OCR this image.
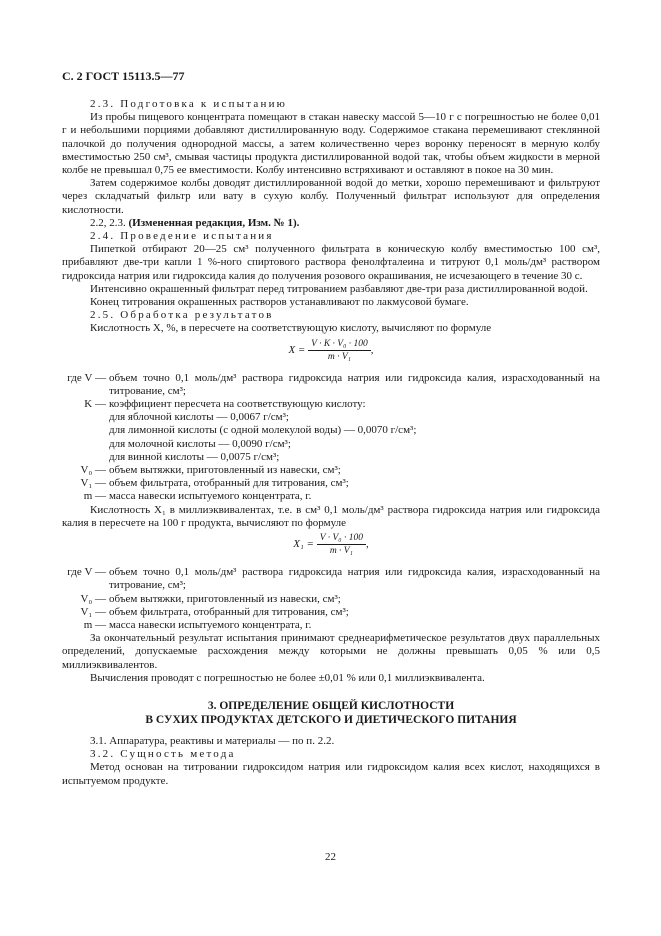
С. 2 ГОСТ 15113.5—77

2.3. Подготовка к испытанию

Из пробы пищевого концентрата помещают в стакан навеску массой 5—10 г с погрешностью не более 0,01 г и небольшими порциями добавляют дистиллированную воду. Содержимое стакана перемешивают стеклянной палочкой до получения однородной массы, а затем количественно через воронку переносят в мерную колбу вместимостью 250 см³, смывая частицы продукта дистиллированной водой так, чтобы объем жидкости в мерной колбе не превышал 0,75 ее вместимости. Колбу интенсивно встряхивают и оставляют в покое на 30 мин.

Затем содержимое колбы доводят дистиллированной водой до метки, хорошо перемешивают и фильтруют через складчатый фильтр или вату в сухую колбу. Полученный фильтрат используют для определения кислотности.

2.2, 2.3. (Измененная редакция, Изм. № 1).

2.4. Проведение испытания

Пипеткой отбирают 20—25 см³ полученного фильтрата в коническую колбу вместимостью 100 см³, прибавляют две-три капли 1 %-ного спиртового раствора фенолфталеина и титруют 0,1 моль/дм³ раствором гидроксида натрия или гидроксида калия до получения розового окрашивания, не исчезающего в течение 30 с.

Интенсивно окрашенный фильтрат перед титрованием разбавляют две-три раза дистиллированной водой.

Конец титрования окрашенных растворов устанавливают по лакмусовой бумаге.

2.5. Обработка результатов

Кислотность X, %, в пересчете на соответствующую кислоту, вычисляют по формуле

$X = \frac{\text{V · K · V₀ · 100}}{\text{m · V₁}}$ ,
где V — объем точно 0,1 моль/дм³ раствора гидроксида натрия или гидроксида калия, израсходованный на титрование, см³;
K — коэффициент пересчета на соответствующую кислоту:
для яблочной кислоты — 0,0067 г/см³;
для лимонной кислоты (с одной молекулой воды) — 0,0070 г/см³;
для молочной кислоты — 0,0090 г/см³;
для винной кислоты — 0,0075 г/см³;
V₀ — объем вытяжки, приготовленный из навески, см³;
V₁ — объем фильтрата, отобранный для титрования, см³;
m — масса навески испытуемого концентрата, г.

Кислотность X₁ в миллиэквивалентах, т.е. в см³ 0,1 моль/дм³ раствора гидроксида натрия или гидроксида калия в пересчете на 100 г продукта, вычисляют по формуле

$X_1 = \frac{\text{V · V₀ · 100}}{\text{m · V₁}}$ ,
где V — объем точно 0,1 моль/дм³ раствора гидроксида натрия или гидроксида калия, израсходованный на титрование, см³;
V₀ — объем вытяжки, приготовленный из навески, см³;
V₁ — объем фильтрата, отобранный для титрования, см³;
m — масса навески испытуемого концентрата, г.

За окончательный результат испытания принимают среднеарифметическое результатов двух параллельных определений, допускаемые расхождения между которыми не должны превышать 0,05 % или 0,5 миллиэквивалентов.

Вычисления проводят с погрешностью не более ±0,01 % или 0,1 миллиэквивалента.

3. ОПРЕДЕЛЕНИЕ ОБЩЕЙ КИСЛОТНОСТИ
В СУХИХ ПРОДУКТАХ ДЕТСКОГО И ДИЕТИЧЕСКОГО ПИТАНИЯ

3.1. Аппаратура, реактивы и материалы — по п. 2.2.

3.2. Сущность метода

Метод основан на титровании гидроксидом натрия или гидроксидом калия всех кислот, находящихся в испытуемом продукте.

22
